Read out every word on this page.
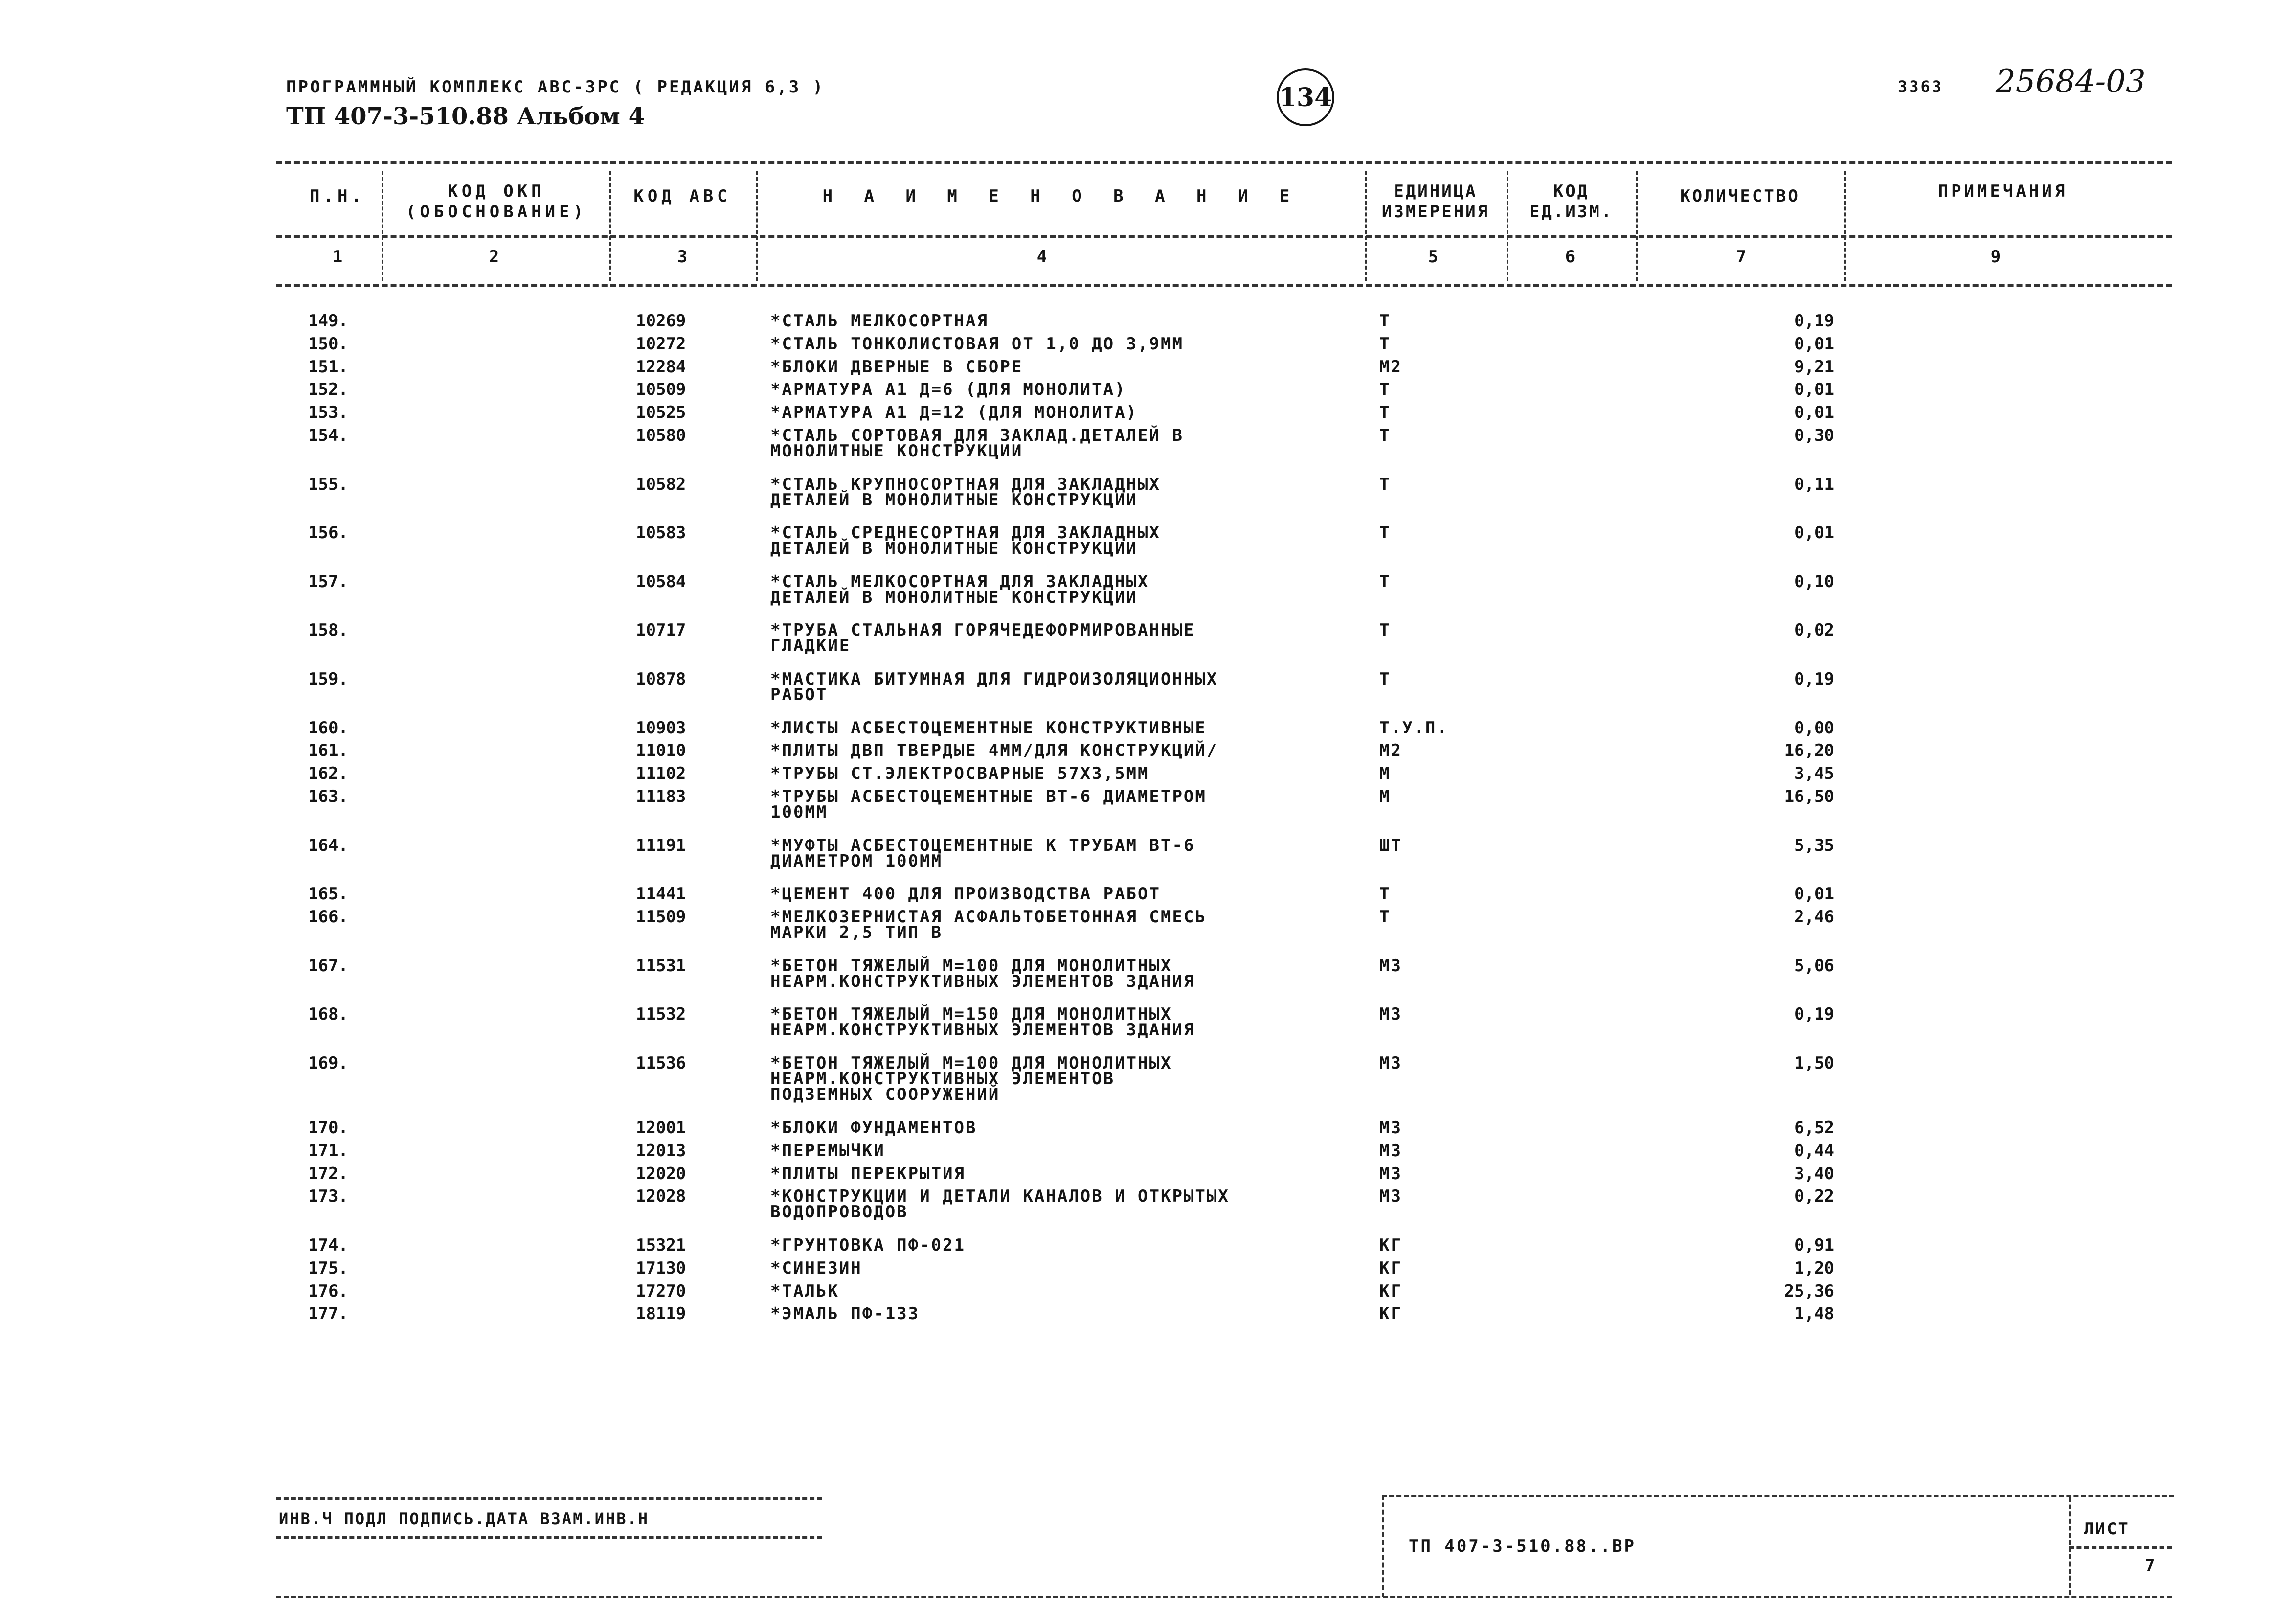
ПРОГРАММНЫЙ КОМПЛЕКС АВС-ЗРС ( РЕДАКЦИЯ 6,3 )
ТП 407-3-510.88 Альбом 4
134	3363 25684-03
П.Н.	КОД ОКП
(ОБОСНОВАНИЕ)
КОД АВС	Н А И М Е Н О В А Н И Е	ЕДИНИЦА
ИЗМЕРЕНИЯ
КОД
ЕД.ИЗМ.
КОЛИЧЕСТВО	ПРИМЕЧАНИЯ
1	2	3	4	5	6	7	9
149.	10269	*СТАЛЬ МЕЛКОСОРТНАЯ	Т	0,19
150.	10272	*СТАЛЬ ТОНКОЛИСТОВАЯ ОТ 1,0 ДО 3,9ММ	Т	0,01
151.	12284	*БЛОКИ ДВЕРНЫЕ В СБОРЕ	М2	9,21
152.	10509	*АРМАТУРА А1 Д=6 (ДЛЯ МОНОЛИТА)	Т	0,01
153.	10525	*АРМАТУРА А1 Д=12 (ДЛЯ МОНОЛИТА)	Т	0,01
154.	10580	*СТАЛЬ СОРТОВАЯ ДЛЯ ЗАКЛАД.ДЕТАЛЕЙ В
МОНОЛИТНЫЕ КОНСТРУКЦИИ
Т	0,30
155.	10582	*СТАЛЬ КРУПНОСОРТНАЯ ДЛЯ ЗАКЛАДНЫХ
ДЕТАЛЕЙ В МОНОЛИТНЫЕ КОНСТРУКЦИИ
Т	0,11
156.	10583	*СТАЛЬ СРЕДНЕСОРТНАЯ ДЛЯ ЗАКЛАДНЫХ
ДЕТАЛЕЙ В МОНОЛИТНЫЕ КОНСТРУКЦИИ
Т	0,01
157.	10584	*СТАЛЬ МЕЛКОСОРТНАЯ ДЛЯ ЗАКЛАДНЫХ
ДЕТАЛЕЙ В МОНОЛИТНЫЕ КОНСТРУКЦИИ
Т	0,10
158.	10717	*ТРУБА СТАЛЬНАЯ ГОРЯЧЕДЕФОРМИРОВАННЫЕ
ГЛАДКИЕ
Т	0,02
159.	10878	*МАСТИКА БИТУМНАЯ ДЛЯ ГИДРОИЗОЛЯЦИОННЫХ
РАБОТ
Т	0,19
160.	10903	*ЛИСТЫ АСБЕСТОЦЕМЕНТНЫЕ КОНСТРУКТИВНЫЕ	Т.У.П.	0,00
161.	11010	*ПЛИТЫ ДВП ТВЕРДЫЕ 4ММ/ДЛЯ КОНСТРУКЦИЙ/	М2	16,20
162.	11102	*ТРУБЫ СТ.ЭЛЕКТРОСВАРНЫЕ 57Х3,5ММ	М	3,45
163.	11183	*ТРУБЫ АСБЕСТОЦЕМЕНТНЫЕ ВТ-6 ДИАМЕТРОМ
100ММ
М	16,50
164.	11191	*МУФТЫ АСБЕСТОЦЕМЕНТНЫЕ К ТРУБАМ ВТ-6
ДИАМЕТРОМ 100ММ
ШТ	5,35
165.	11441	*ЦЕМЕНТ 400 ДЛЯ ПРОИЗВОДСТВА РАБОТ	Т	0,01
166.	11509	*МЕЛКОЗЕРНИСТАЯ АСФАЛЬТОБЕТОННАЯ СМЕСЬ
МАРКИ 2,5 ТИП В
Т	2,46
167.	11531	*БЕТОН ТЯЖЕЛЫЙ М=100 ДЛЯ МОНОЛИТНЫХ
НЕАРМ.КОНСТРУКТИВНЫХ ЭЛЕМЕНТОВ ЗДАНИЯ
М3	5,06
168.	11532	*БЕТОН ТЯЖЕЛЫЙ М=150 ДЛЯ МОНОЛИТНЫХ
НЕАРМ.КОНСТРУКТИВНЫХ ЭЛЕМЕНТОВ ЗДАНИЯ
М3	0,19
169.	11536	*БЕТОН ТЯЖЕЛЫЙ М=100 ДЛЯ МОНОЛИТНЫХ
НЕАРМ.КОНСТРУКТИВНЫХ ЭЛЕМЕНТОВ
ПОДЗЕМНЫХ СООРУЖЕНИЙ
М3	1,50
170.	12001	*БЛОКИ ФУНДАМЕНТОВ	М3	6,52
171.	12013	*ПЕРЕМЫЧКИ	М3	0,44
172.	12020	*ПЛИТЫ ПЕРЕКРЫТИЯ	М3	3,40
173.	12028	*КОНСТРУКЦИИ И ДЕТАЛИ КАНАЛОВ И ОТКРЫТЫХ
ВОДОПРОВОДОВ
М3	0,22
174.	15321	*ГРУНТОВКА ПФ-021	КГ	0,91
175.	17130	*СИНЕЗИН	КГ	1,20
176.	17270	*ТАЛЬК	КГ	25,36
177.	18119	*ЭМАЛЬ ПФ-133	КГ	1,48
ИНВ.Ч ПОДЛ ПОДПИСЬ.ДАТА ВЗАМ.ИНВ.Н
ТП 407-3-510.88..ВР
ЛИСТ
7
